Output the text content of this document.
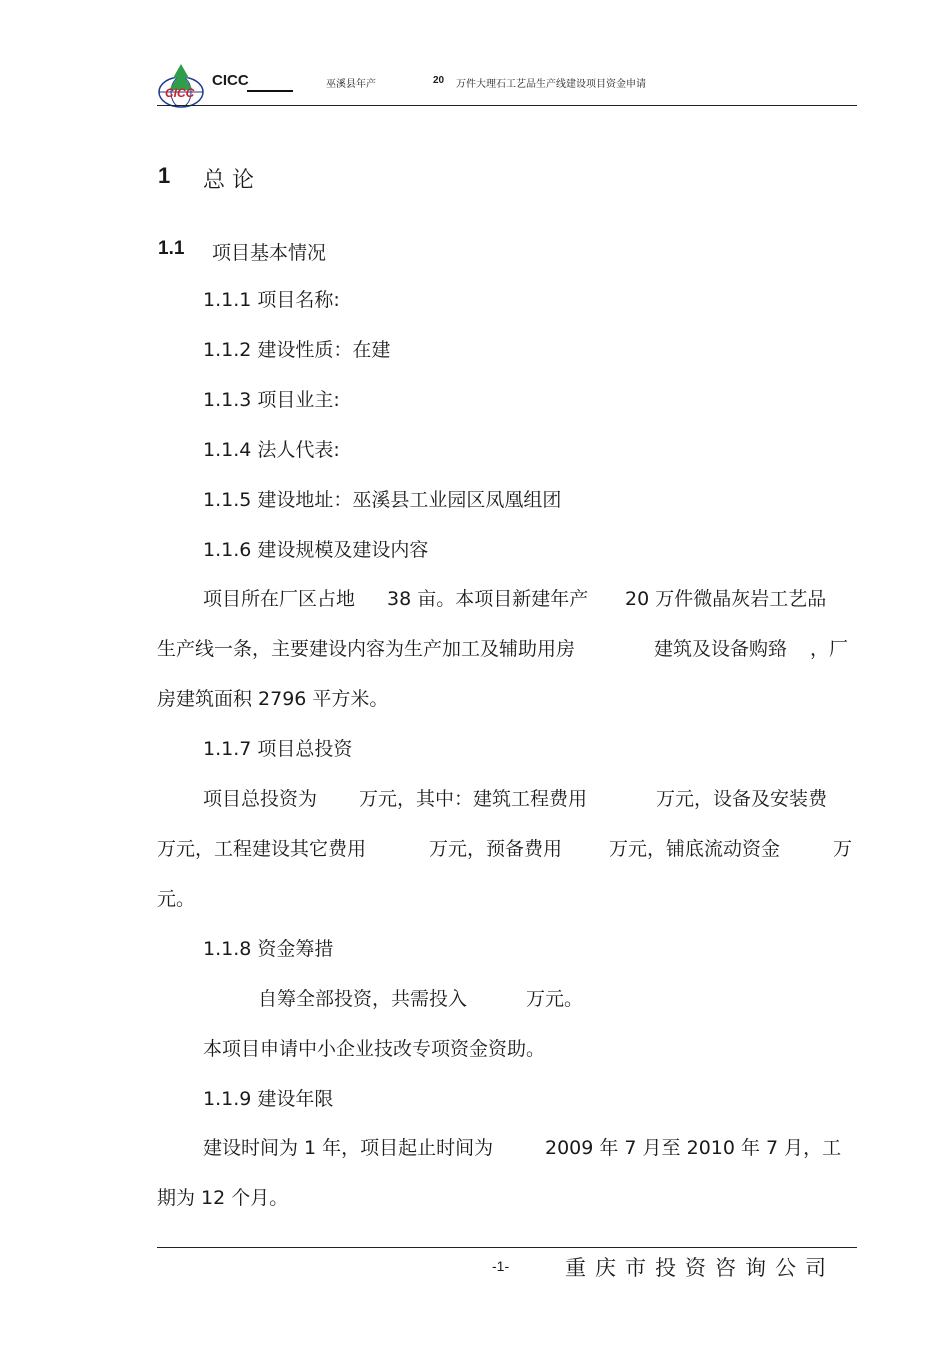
CICC
CICC	巫溪县年产	20 万件大理石工艺品生产线建设项目资金申请
1 总 论
1.1 项目基本情况
1.1.1 项目名称:
1.1.2 建设性质：在建
1.1.3 项目业主:
1.1.4 法人代表:
1.1.5 建设地址：巫溪县工业园区凤凰组团
1.1.6 建设规模及建设内容
项目所在厂区占地 38 亩。本项目新建年产 20 万件微晶灰岩工艺品
生产线一条，主要建设内容为生产加工及辅助用房	建筑及设备购臵 ，厂
房建筑面积 2796 平方米。
1.1.7 项目总投资
项目总投资为 万元，其中：建筑工程费用	万元，设备及安装费
万元，工程建设其它费用	万元，预备费用 万元，铺底流动资金	万
元。
1.1.8 资金筹措
自筹全部投资，共需投入	万元。
本项目申请中小企业技改专项资金资助。
1.1.9 建设年限
建设时间为 1 年，项目起止时间为	2009 年 7 月至 2010 年 7 月，工
期为 12 个月。
-1-	重庆市投资咨询公司
